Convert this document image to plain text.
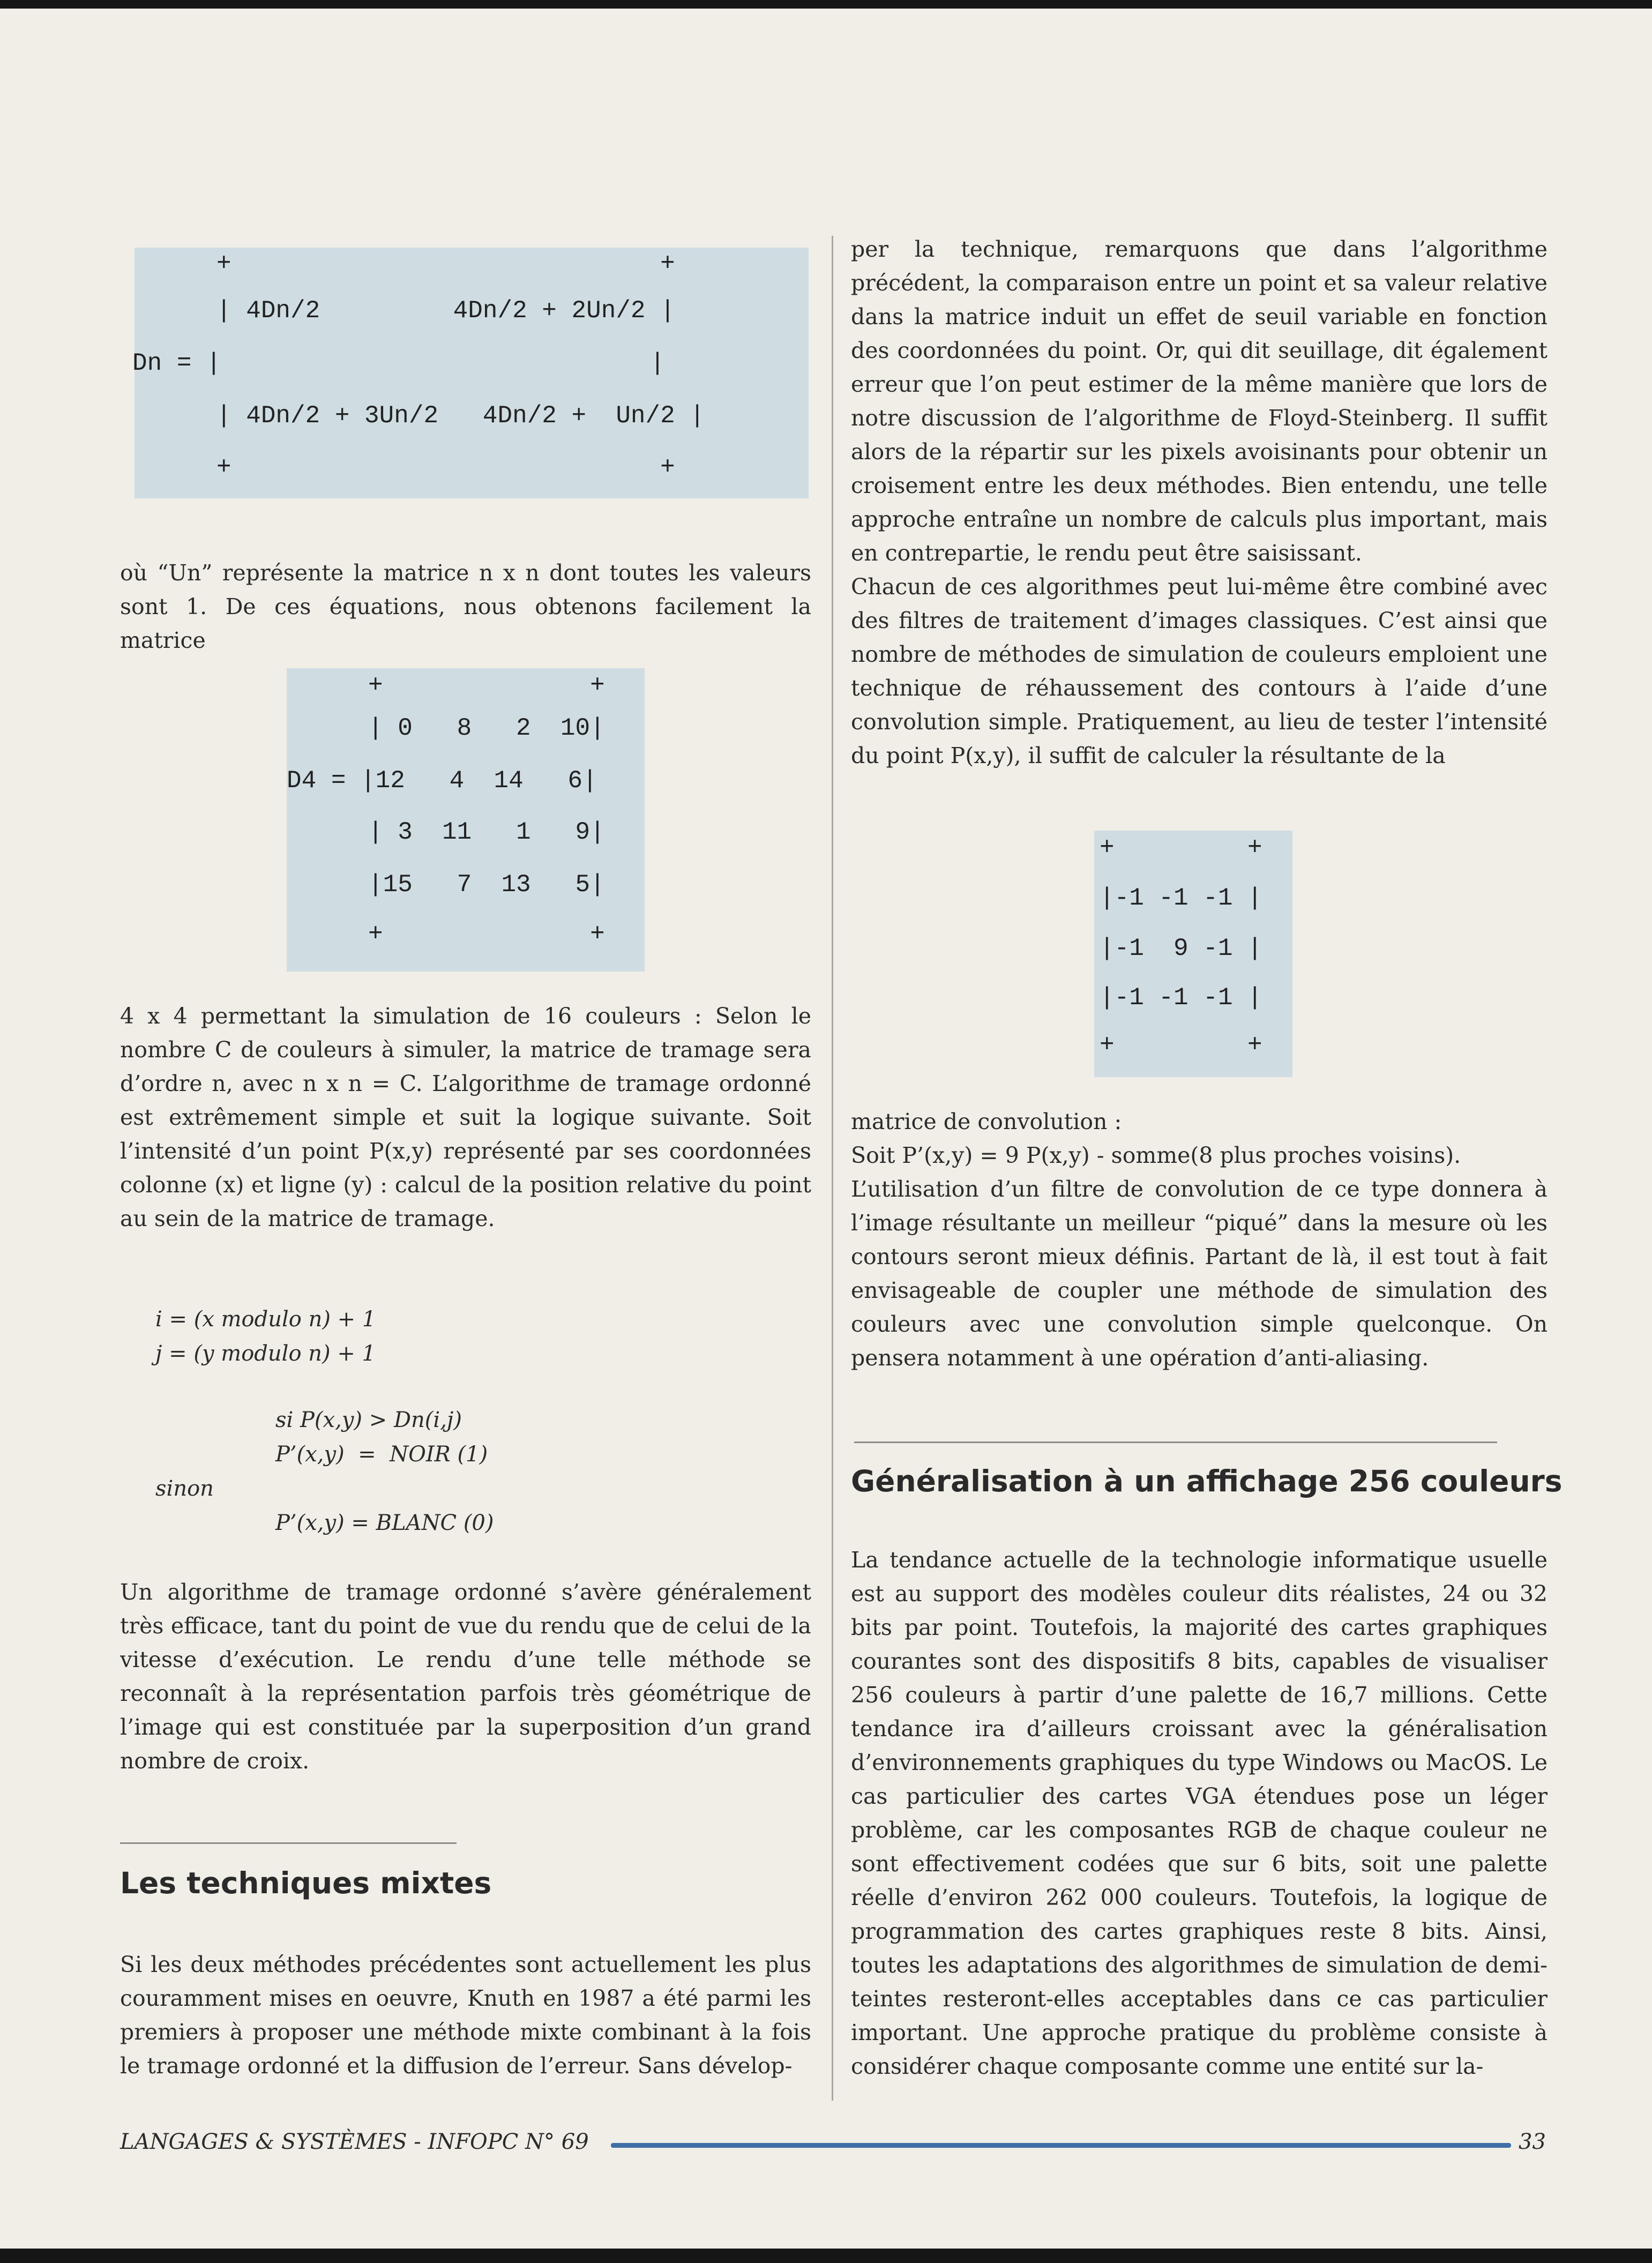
+                             +
| 4Dn/2         4Dn/2 + 2Un/2 |
Dn = |                             |
| 4Dn/2 + 3Un/2   4Dn/2 +  Un/2 |
+                             +

où “Un” représente la matrice n x n dont toutes les valeurs sont 1. De ces équations, nous obtenons facilement la matrice

4 x 4 permettant la simulation de 16 couleurs : Selon le nombre C de couleurs à simuler, la matrice de tramage sera d’ordre n, avec n x n = C. L’algorithme de tramage ordonné est extrêmement simple et suit la logique suivante. Soit l’intensité d’un point P(x,y) représenté par ses coordonnées colonne (x) et ligne (y) : calcul de la position relative du point au sein de la matrice de tramage.

i = (x modulo n) + 1
j = (y modulo n) + 1
si P(x,y) > Dn(i,j)
P’(x,y)  =  NOIR (1)
sinon
P’(x,y) = BLANC (0)

Un algorithme de tramage ordonné s’avère généralement très efficace, tant du point de vue du rendu que de celui de la vitesse d’exécution. Le rendu d’une telle méthode se reconnaît à la représentation parfois très géométrique de l’image qui est constituée par la superposition d’un grand nombre de croix.

Les techniques mixtes

Si les deux méthodes précédentes sont actuellement les plus couramment mises en oeuvre, Knuth en 1987 a été parmi les premiers à proposer une méthode mixte combinant à la fois le tramage ordonné et la diffusion de l’erreur. Sans dévelop-

+              +
| 0   8   2  10|
D4 = |12   4  14   6|
| 3  11   1   9|
|15   7  13   5|
+              +

per la technique, remarquons que dans l’algorithme précédent, la comparaison entre un point et sa valeur relative dans la matrice induit un effet de seuil variable en fonction des coordonnées du point. Or, qui dit seuillage, dit également erreur que l’on peut estimer de la même manière que lors de notre discussion de l’algorithme de Floyd-Steinberg. Il suffit alors de la répartir sur les pixels avoisinants pour obtenir un croisement entre les deux méthodes. Bien entendu, une telle approche entraîne un nombre de calculs plus important, mais en contrepartie, le rendu peut être saisissant.

Chacun de ces algorithmes peut lui-même être combiné avec des filtres de traitement d’images classiques. C’est ainsi que nombre de méthodes de simulation de couleurs emploient une technique de réhaussement des contours à l’aide d’une convolution simple. Pratiquement, au lieu de tester l’intensité du point P(x,y), il suffit de calculer la résultante de la

matrice de convolution :

Soit P’(x,y) = 9 P(x,y) - somme(8 plus proches voisins).

L’utilisation d’un filtre de convolution de ce type donnera à l’image résultante un meilleur “piqué” dans la mesure où les contours seront mieux définis. Partant de là, il est tout à fait envisageable de coupler une méthode de simulation des couleurs avec une convolution simple quelconque. On pensera notamment à une opération d’anti-aliasing.

Généralisation à un affichage 256 couleurs

La tendance actuelle de la technologie informatique usuelle est au support des modèles couleur dits réalistes, 24 ou 32 bits par point. Toutefois, la majorité des cartes graphiques courantes sont des dispositifs 8 bits, capables de visualiser 256 couleurs à partir d’une palette de 16,7 millions. Cette tendance ira d’ailleurs croissant avec la généralisation d’environnements graphiques du type Windows ou MacOS. Le cas particulier des cartes VGA étendues pose un léger problème, car les composantes RGB de chaque couleur ne sont effectivement codées que sur 6 bits, soit une palette réelle d’environ 262 000 couleurs. Toutefois, la logique de programmation des cartes graphiques reste 8 bits. Ainsi, toutes les adaptations des algorithmes de simulation de demi-teintes resteront-elles acceptables dans ce cas particulier important. Une approche pratique du problème consiste à considérer chaque composante comme une entité sur la-

+         +
|-1 -1 -1 |
|-1  9 -1 |
|-1 -1 -1 |
+         +
LANGAGES & SYSTÈMES - INFOPC N° 69	33
